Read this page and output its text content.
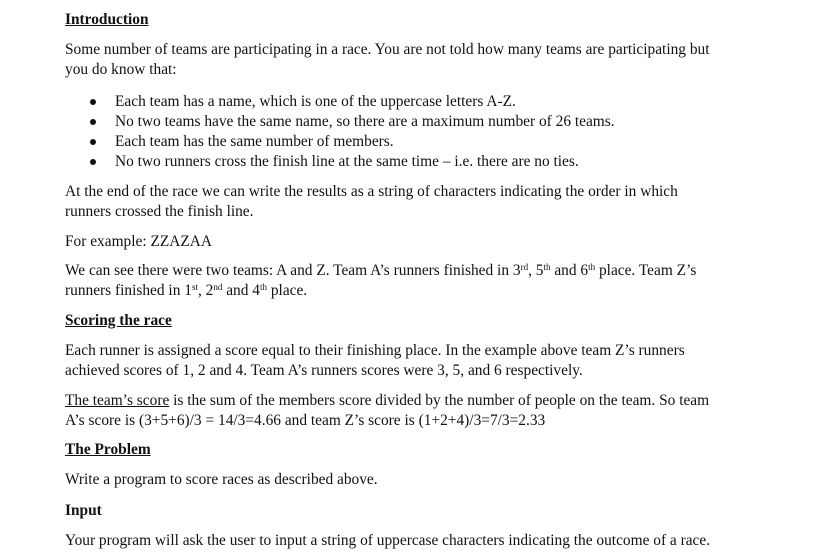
Introduction
Some number of teams are participating in a race. You are not told how many teams are participating but
you do know that:
Each team has a name, which is one of the uppercase letters A-Z.
No two teams have the same name, so there are a maximum number of 26 teams.
Each team has the same number of members.
No two runners cross the finish line at the same time – i.e. there are no ties.
At the end of the race we can write the results as a string of characters indicating the order in which
runners crossed the finish line.
For example: ZZAZAA
We can see there were two teams: A and Z. Team A’s runners finished in 3rd, 5th and 6th place. Team Z’s
runners finished in 1st, 2nd and 4th place.
Scoring the race
Each runner is assigned a score equal to their finishing place. In the example above team Z’s runners
achieved scores of 1, 2 and 4. Team A’s runners scores were 3, 5, and 6 respectively.
The team’s score is the sum of the members score divided by the number of people on the team. So team
A’s score is (3+5+6)/3 = 14/3=4.66 and team Z’s score is (1+2+4)/3=7/3=2.33
The Problem
Write a program to score races as described above.
Input
Your program will ask the user to input a string of uppercase characters indicating the outcome of a race.
